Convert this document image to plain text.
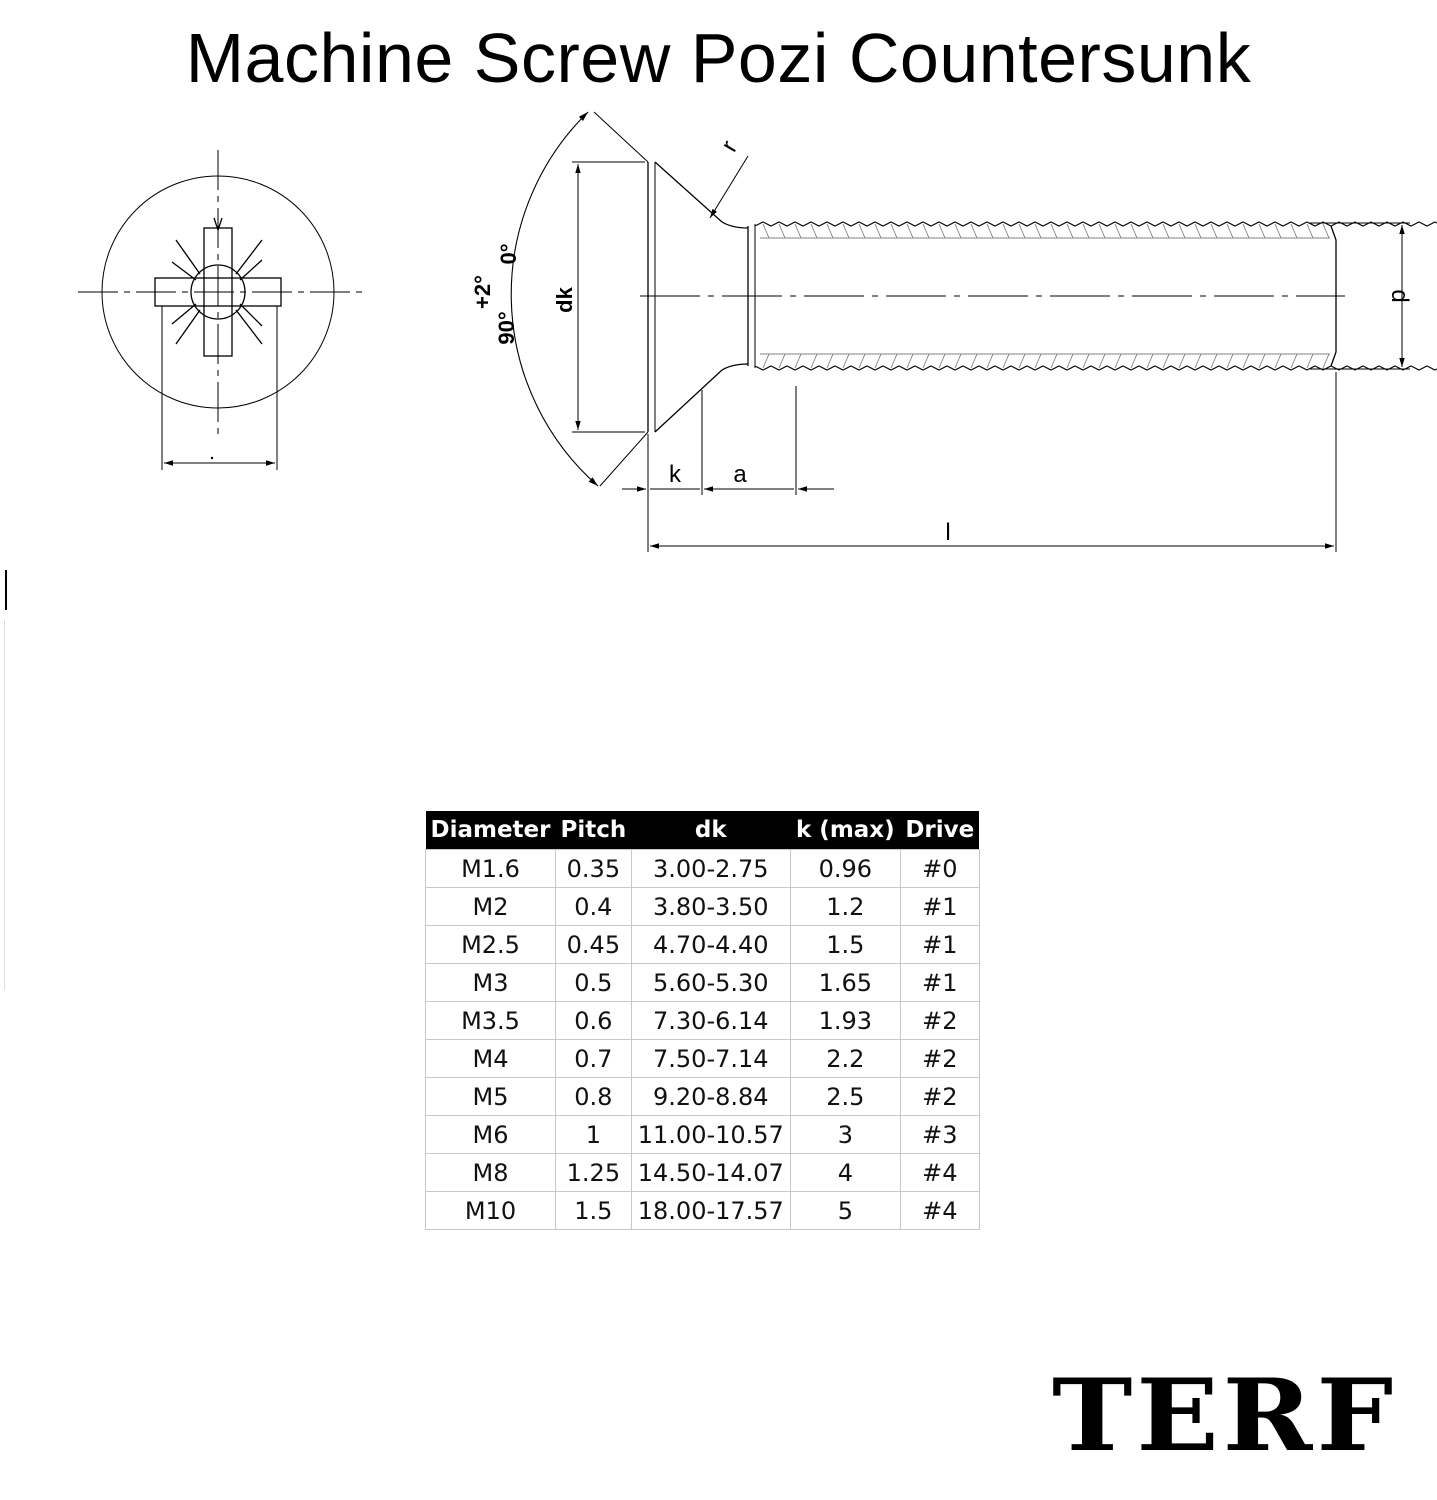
Machine Screw Pozi Countersunk
+2°
0°
90°
dk
r
k a
l
d
Diameter	Pitch	dk	k (max)	Drive
M1.6	0.35	3.00-2.75	0.96	#0
M2	0.4	3.80-3.50	1.2	#1
M2.5	0.45	4.70-4.40	1.5	#1
M3	0.5	5.60-5.30	1.65	#1
M3.5	0.6	7.30-6.14	1.93	#2
M4	0.7	7.50-7.14	2.2	#2
M5	0.8	9.20-8.84	2.5	#2
M6	1	11.00-10.57	3	#3
M8	1.25	14.50-14.07	4	#4
M10	1.5	18.00-17.57	5	#4
TERF
